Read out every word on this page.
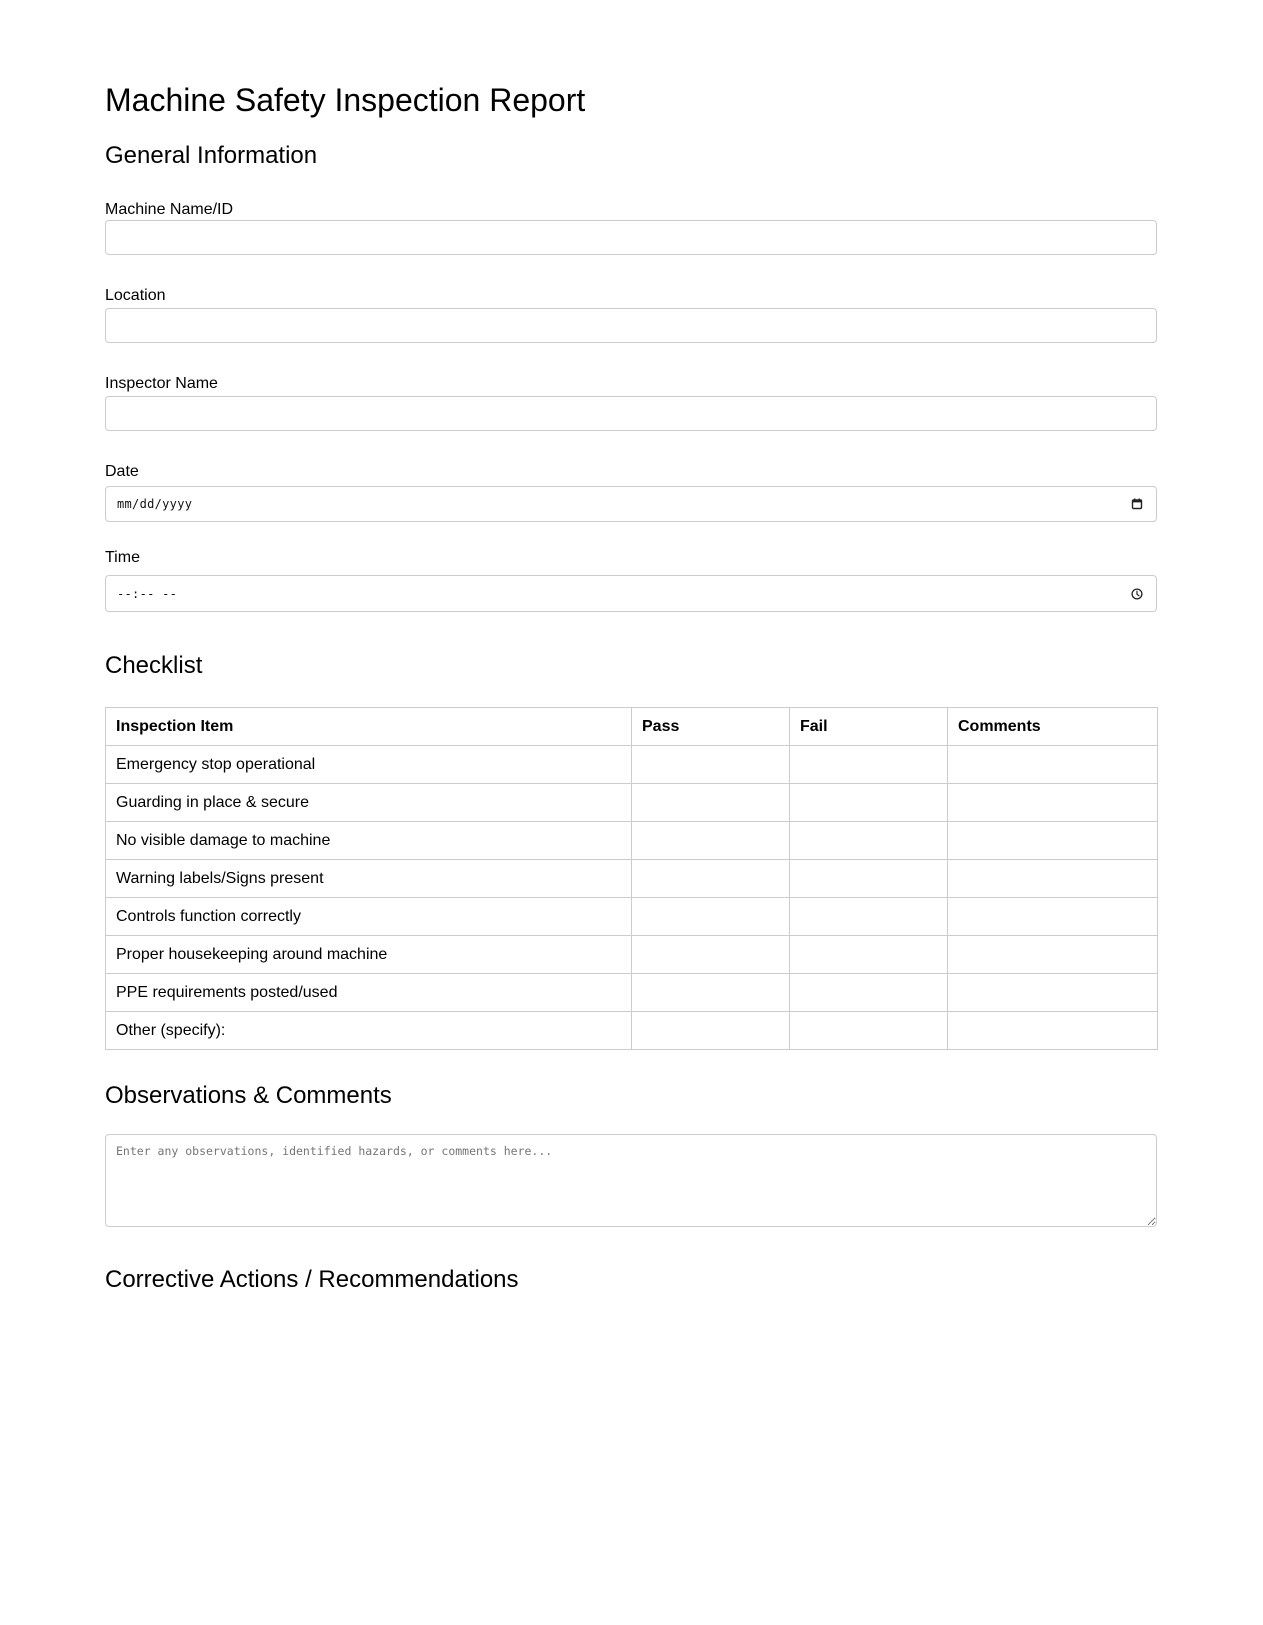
Machine Safety Inspection Report
General Information
Machine Name/ID
Location
Inspector Name
Date
mm/dd/yyyy
Time
--:-- --
Checklist
Inspection Item	Pass	Fail	Comments
Emergency stop operational			
Guarding in place & secure			
No visible damage to machine			
Warning labels/Signs present			
Controls function correctly			
Proper housekeeping around machine			
PPE requirements posted/used			
Other (specify):			
Observations & Comments
Enter any observations, identified hazards, or comments here...
Corrective Actions / Recommendations
